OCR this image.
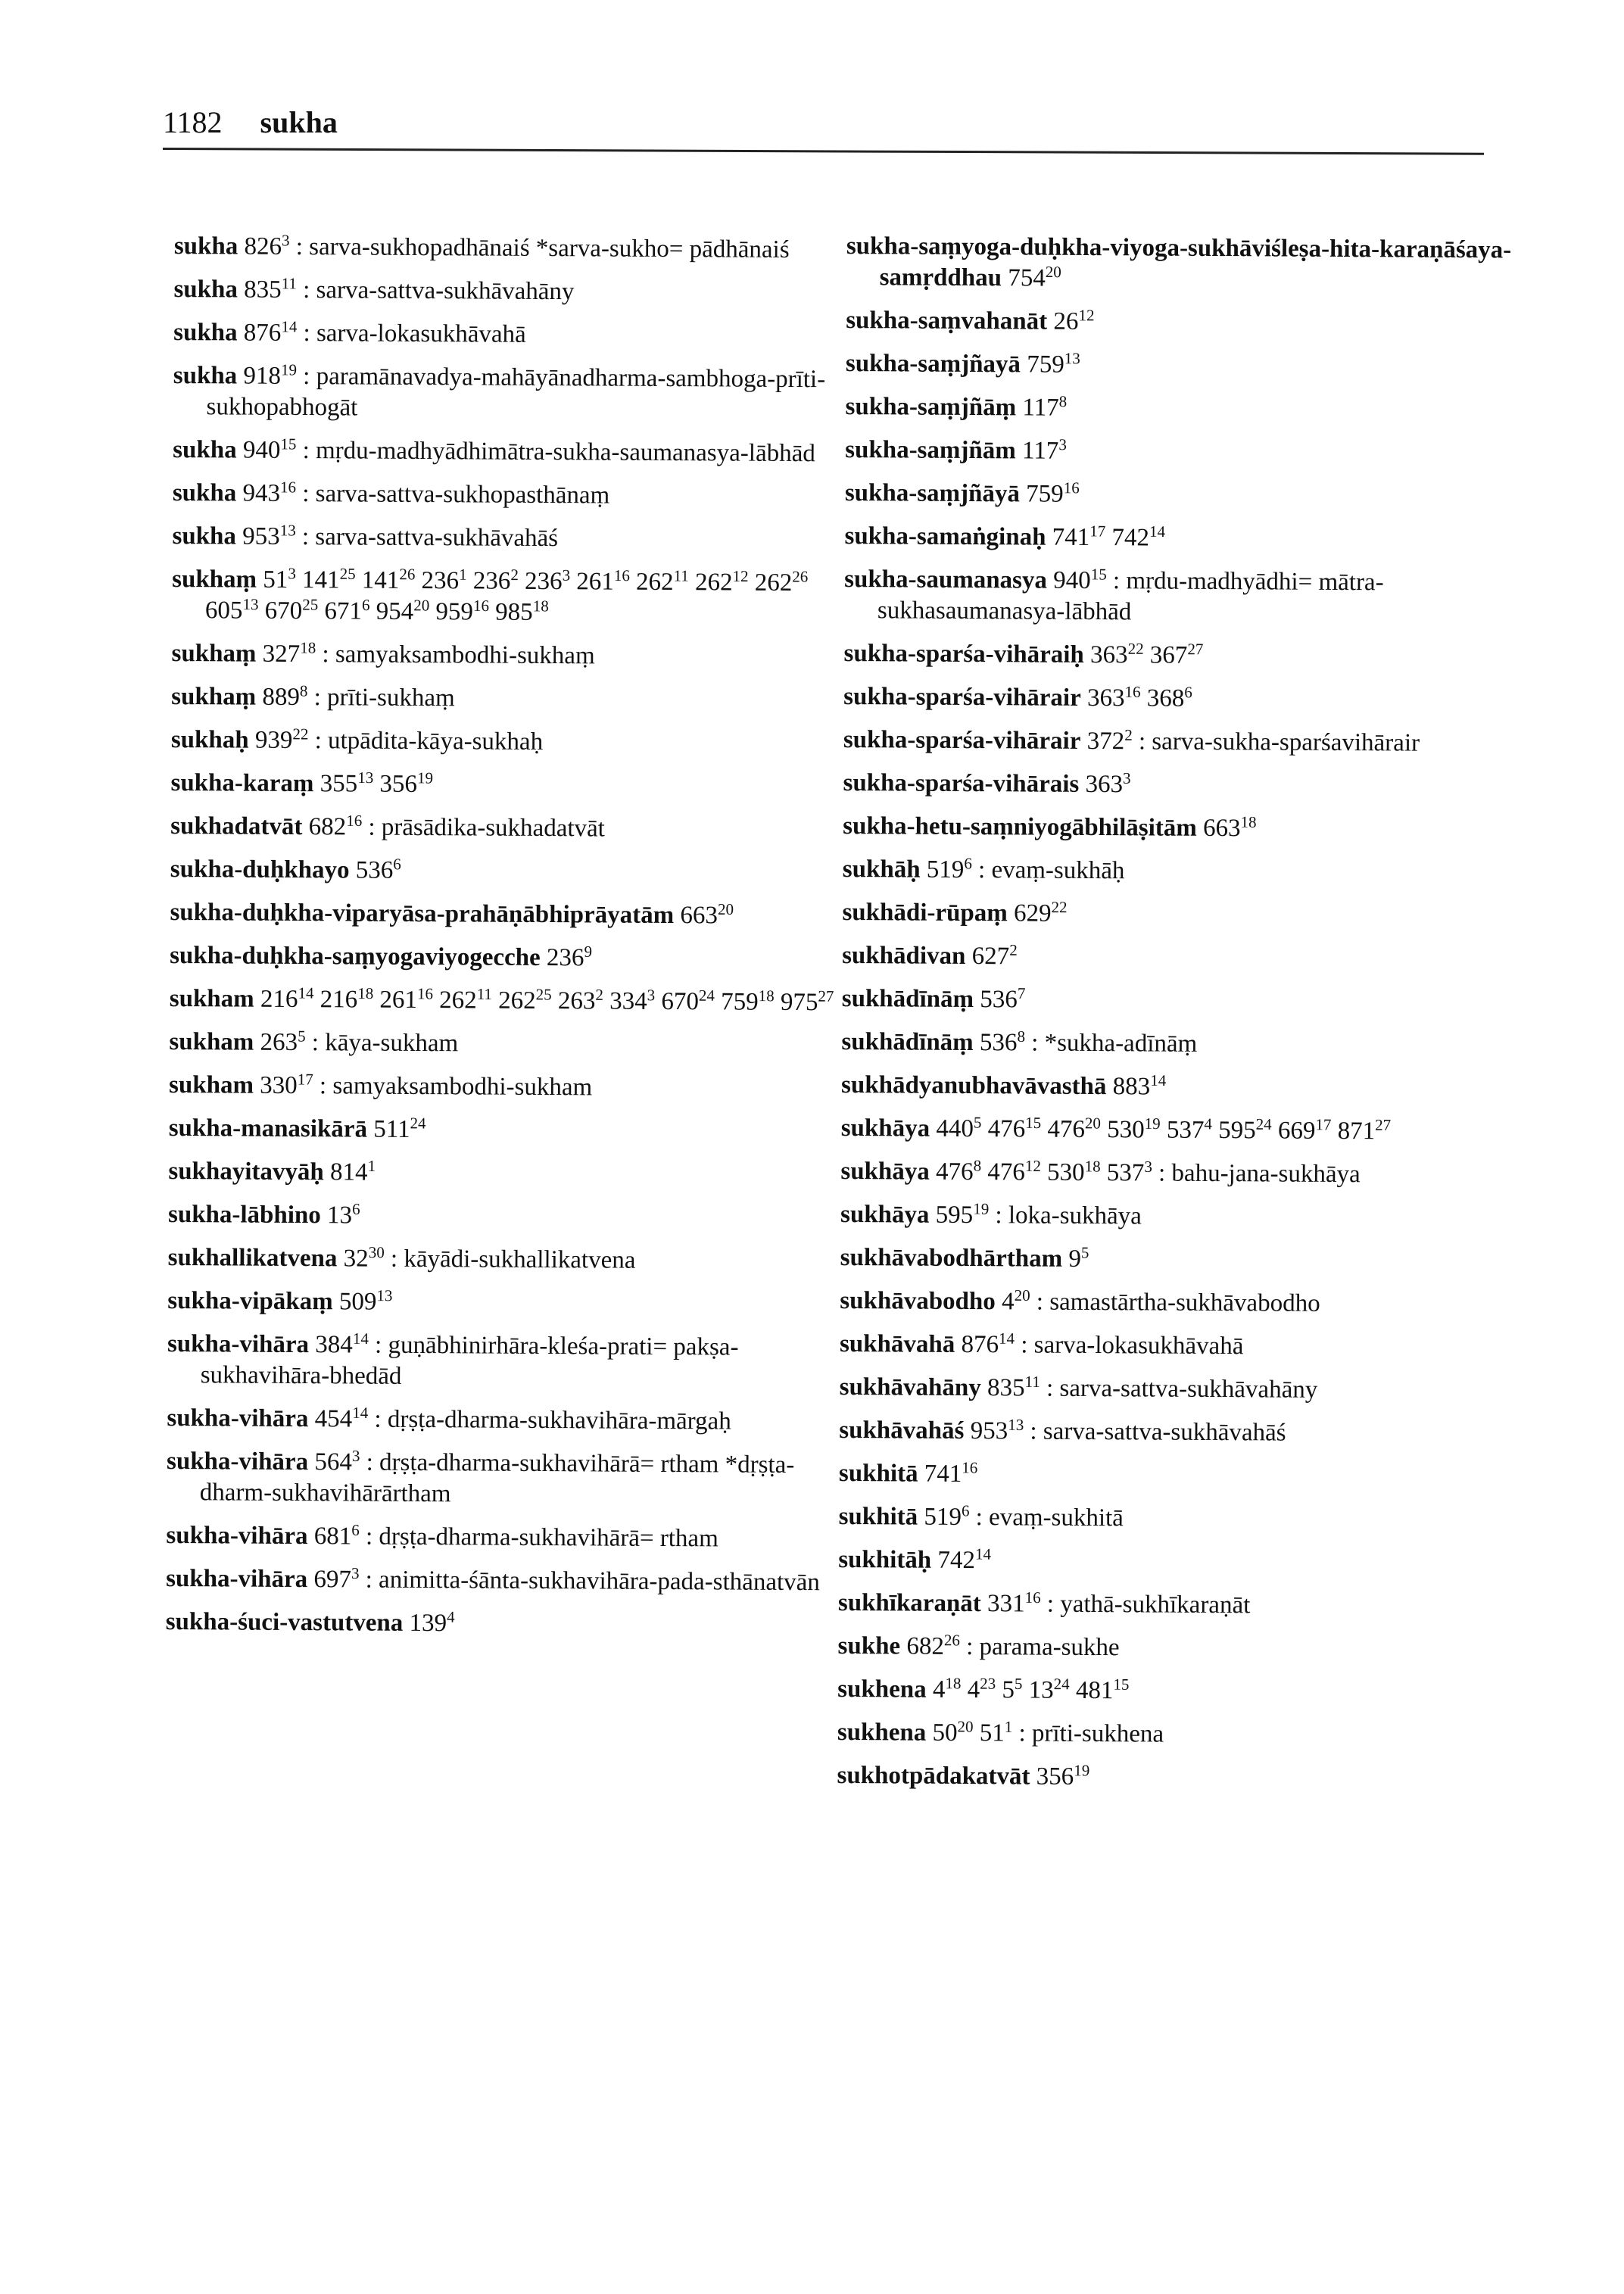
1182 sukha
sukha $826^3$ : sarva-sukhopadhānaiś *sarva-sukho= pādhānaiś
sukha $835^{11}$ : sarva-sattva-sukhāvahāny
sukha $876^{14}$ : sarva-lokasukhāvahā
sukha $918^{19}$ : paramānavadya-mahāyānadharma-sambhoga-prīti-sukhopabhogāt
sukha $940^{15}$ : mṛdu-madhyādhimātra-sukha-saumanasya-lābhād
sukha $943^{16}$ : sarva-sattva-sukhopasthānaṃ
sukha $953^{13}$ : sarva-sattva-sukhāvahāś
sukhaṃ $51^3$ $141^{25}$ $141^{26}$ $236^1$ $236^2$ $236^3$ $261^{16}$ $262^{11}$ $262^{12}$ $262^{26}$ $605^{13}$ $670^{25}$ $671^6$ $954^{20}$ $959^{16}$ $985^{18}$
sukhaṃ $327^{18}$ : samyaksambodhi-sukhaṃ
sukhaṃ $889^8$ : prīti-sukhaṃ
sukhaḥ $939^{22}$ : utpādita-kāya-sukhaḥ
sukha-karaṃ $355^{13}$ $356^{19}$
sukhadatvāt $682^{16}$ : prāsādika-sukhadatvāt
sukha-duḥkhayo $536^6$
sukha-duḥkha-viparyāsa-prahāṇābhiprāyatām $663^{20}$
sukha-duḥkha-saṃyogaviyogecche $236^9$
sukham $216^{14}$ $216^{18}$ $261^{16}$ $262^{11}$ $262^{25}$ $263^2$ $334^3$ $670^{24}$ $759^{18}$ $975^{27}$
sukham $263^5$ : kāya-sukham
sukham $330^{17}$ : samyaksambodhi-sukham
sukha-manasikārā $511^{24}$
sukhayitavyāḥ $814^1$
sukha-lābhino $13^6$
sukhallikatvena $32^{30}$ : kāyādi-sukhallikatvena
sukha-vipākaṃ $509^{13}$
sukha-vihāra $384^{14}$ : guṇābhinirhāra-kleśa-prati= pakṣa-sukhavihāra-bhedād
sukha-vihāra $454^{14}$ : dṛṣṭa-dharma-sukhavihāra-mārgaḥ
sukha-vihāra $564^3$ : dṛṣṭa-dharma-sukhavihārā= rtham *dṛṣṭa-dharm-sukhavihārārtham
sukha-vihāra $681^6$ : dṛṣṭa-dharma-sukhavihārā= rtham
sukha-vihāra $697^3$ : animitta-śānta-sukhavihāra-pada-sthānatvān
sukha-śuci-vastutvena $139^4$
sukha-saṃyoga-duḥkha-viyoga-sukhāviśleṣa-hita-karaṇāśaya-samṛddhau $754^{20}$
sukha-saṃvahanāt $26^{12}$
sukha-saṃjñayā $759^{13}$
sukha-saṃjñāṃ $117^8$
sukha-saṃjñām $117^3$
sukha-saṃjñāyā $759^{16}$
sukha-samaṅginaḥ $741^{17}$ $742^{14}$
sukha-saumanasya $940^{15}$ : mṛdu-madhyādhi= mātra-sukhasaumanasya-lābhād
sukha-sparśa-vihāraiḥ $363^{22}$ $367^{27}$
sukha-sparśa-vihārair $363^{16}$ $368^6$
sukha-sparśa-vihārair $372^2$ : sarva-sukha-sparśavihārair
sukha-sparśa-vihārais $363^3$
sukha-hetu-saṃniyogābhilāṣitām $663^{18}$
sukhāḥ $519^6$ : evaṃ-sukhāḥ
sukhādi-rūpaṃ $629^{22}$
sukhādivan $627^2$
sukhādīnāṃ $536^7$
sukhādīnāṃ $536^8$ : *sukha-adīnāṃ
sukhādyanubhavāvasthā $883^{14}$
sukhāya $440^5$ $476^{15}$ $476^{20}$ $530^{19}$ $537^4$ $595^{24}$ $669^{17}$ $871^{27}$
sukhāya $476^8$ $476^{12}$ $530^{18}$ $537^3$ : bahu-jana-sukhāya
sukhāya $595^{19}$ : loka-sukhāya
sukhāvabodhārtham $9^5$
sukhāvabodho $4^{20}$ : samastārtha-sukhāvabodho
sukhāvahā $876^{14}$ : sarva-lokasukhāvahā
sukhāvahāny $835^{11}$ : sarva-sattva-sukhāvahāny
sukhāvahāś $953^{13}$ : sarva-sattva-sukhāvahāś
sukhitā $741^{16}$
sukhitā $519^6$ : evaṃ-sukhitā
sukhitāḥ $742^{14}$
sukhīkaraṇāt $331^{16}$ : yathā-sukhīkaraṇāt
sukhe $682^{26}$ : parama-sukhe
sukhena $4^{18}$ $4^{23}$ $5^5$ $13^{24}$ $481^{15}$
sukhena $50^{20}$ $51^1$ : prīti-sukhena
sukhotpādakatvāt $356^{19}$
